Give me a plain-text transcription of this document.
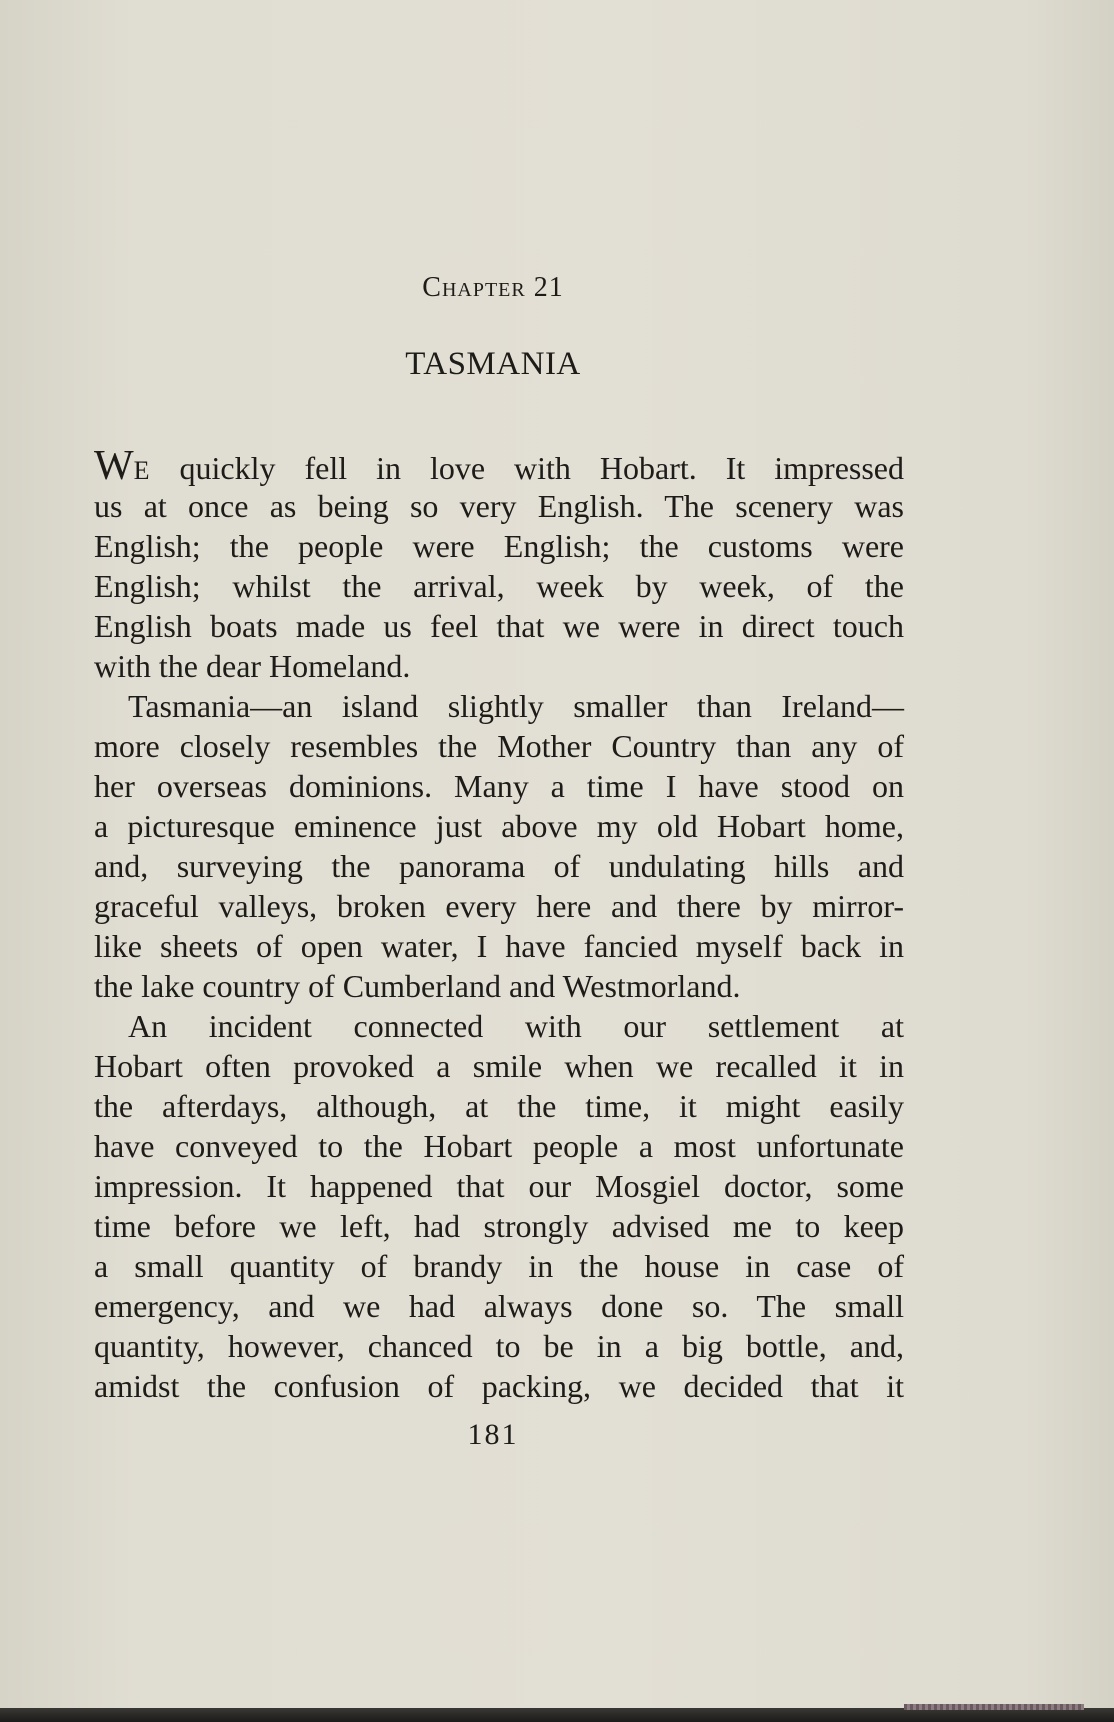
Chapter 21
TASMANIA
WE quickly fell in love with Hobart. It impressed
us at once as being so very English. The scenery was
English; the people were English; the customs were
English; whilst the arrival, week by week, of the
English boats made us feel that we were in direct touch
with the dear Homeland.
Tasmania—an island slightly smaller than Ireland—
more closely resembles the Mother Country than any of
her overseas dominions. Many a time I have stood on
a picturesque eminence just above my old Hobart home,
and, surveying the panorama of undulating hills and
graceful valleys, broken every here and there by mirror-
like sheets of open water, I have fancied myself back in
the lake country of Cumberland and Westmorland.
An incident connected with our settlement at
Hobart often provoked a smile when we recalled it in
the afterdays, although, at the time, it might easily
have conveyed to the Hobart people a most unfortunate
impression. It happened that our Mosgiel doctor, some
time before we left, had strongly advised me to keep
a small quantity of brandy in the house in case of
emergency, and we had always done so. The small
quantity, however, chanced to be in a big bottle, and,
amidst the confusion of packing, we decided that it
181
